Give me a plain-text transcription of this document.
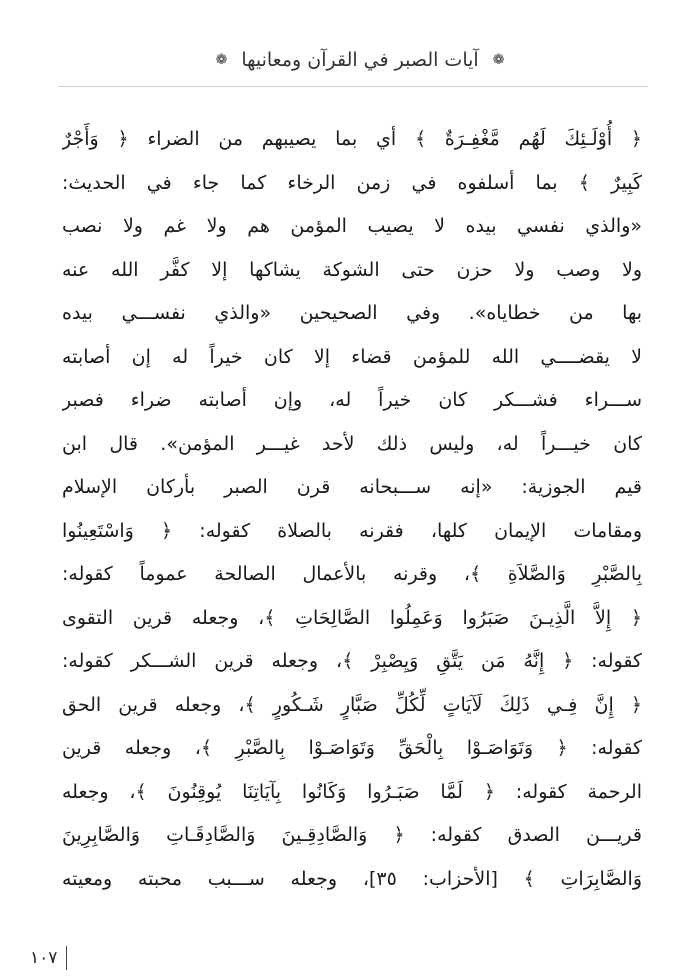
❁
آيات الصبر في القرآن ومعانيها
❁
﴿ أُوْلَـئِكَ لَهُم مَّغْفِـرَةٌ ﴾ أي بما يصيبهم من الضراء ﴿ وَأَجْرٌ
كَبِيرٌ ﴾ بما أسلفوه في زمن الرخاء كما جاء في الحديث:
«والذي نفسي بيده لا يصيب المؤمن هم ولا غم ولا نصب
ولا وصب ولا حزن حتى الشوكة يشاكها إلا كفَّر الله عنه
بها من خطاياه». وفي الصحيحين «والذي نفســـي بيده
لا يقضــــي الله للمؤمن قضاء إلا كان خيراً له إن أصابته
ســـراء فشـــكر كان خيراً له، وإن أصابته ضراء فصبر
كان خيـــراً له، وليس ذلك لأحد غيـــر المؤمن». قال ابن
قيم الجوزية: «إنه ســـبحانه قرن الصبر بأركان الإسلام
ومقامات الإيمان كلها، فقرنه بالصلاة كقوله: ﴿ وَاسْتَعِينُوا
بِالصَّبْرِ وَالصَّلاَةِ ﴾، وقرنه بالأعمال الصالحة عموماً كقوله:
﴿ إِلاَّ الَّذِيـنَ صَبَرُوا وَعَمِلُوا الصَّالِحَاتِ ﴾، وجعله قرين التقوى
كقوله: ﴿ إِنَّهُ مَن يَتَّقِ وَيِصْبِرْ ﴾، وجعله قرين الشـــكر كقوله:
﴿ إِنَّ فِـي ذَلِكَ لَآيَاتٍ لِّكُلِّ صَبَّارٍ شَـكُورٍ ﴾، وجعله قرين الحق
كقوله: ﴿ وَتَوَاصَـوْا بِالْحَقِّ وَتَوَاصَـوْا بِالصَّبْرِ ﴾، وجعله قرين
الرحمة كقوله: ﴿ لَمَّا صَبَـرُوا وَكَانُوا بِآيَاتِنَا يُوقِنُونَ ﴾، وجعله
قريـــن الصدق كقوله: ﴿ وَالصَّادِقِـينَ وَالصَّادِقَـاتِ وَالصَّابِرِينَ
وَالصَّابِرَاتِ ﴾ [الأحزاب: ٣٥]، وجعله ســـبب محبته ومعيته
١٠٧
